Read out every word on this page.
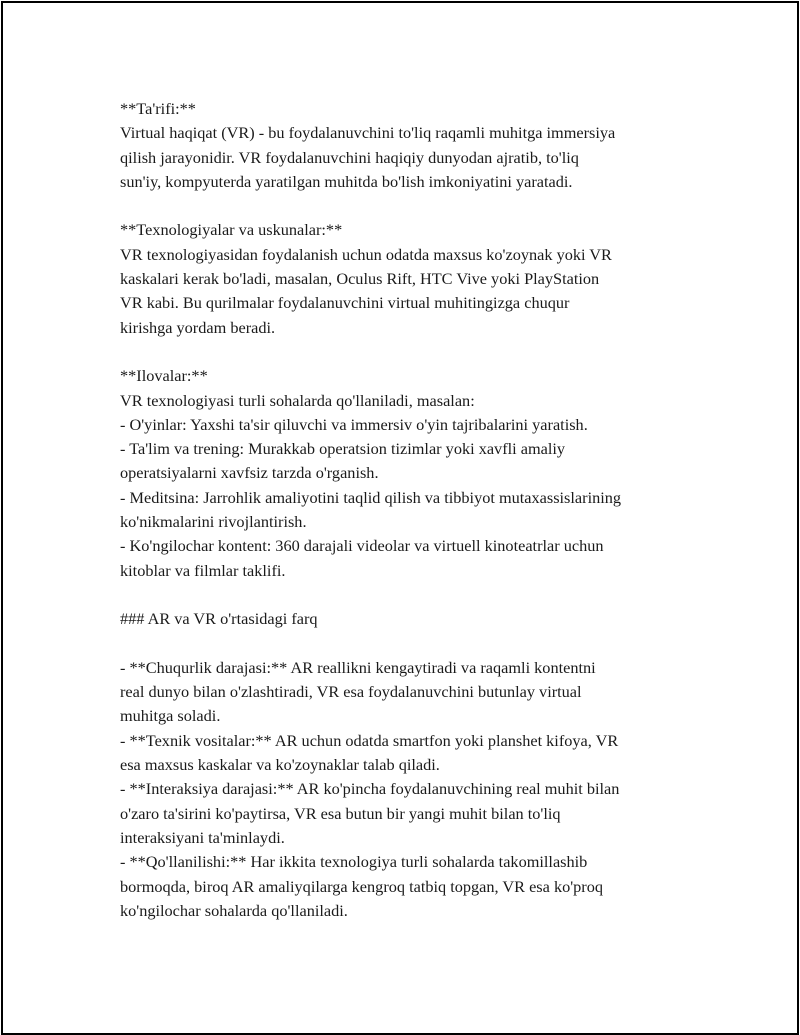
**Ta'rifi:**
Virtual haqiqat (VR) - bu foydalanuvchini to'liq raqamli muhitga immersiya
qilish jarayonidir. VR foydalanuvchini haqiqiy dunyodan ajratib, to'liq
sun'iy, kompyuterda yaratilgan muhitda bo'lish imkoniyatini yaratadi.
**Texnologiyalar va uskunalar:**
VR texnologiyasidan foydalanish uchun odatda maxsus ko'zoynak yoki VR
kaskalari kerak bo'ladi, masalan, Oculus Rift, HTC Vive yoki PlayStation
VR kabi. Bu qurilmalar foydalanuvchini virtual muhitingizga chuqur
kirishga yordam beradi.
**Ilovalar:**
VR texnologiyasi turli sohalarda qo'llaniladi, masalan:
- O'yinlar: Yaxshi ta'sir qiluvchi va immersiv o'yin tajribalarini yaratish.
- Ta'lim va trening: Murakkab operatsion tizimlar yoki xavfli amaliy
operatsiyalarni xavfsiz tarzda o'rganish.
- Meditsina: Jarrohlik amaliyotini taqlid qilish va tibbiyot mutaxassislarining
ko'nikmalarini rivojlantirish.
- Ko'ngilochar kontent: 360 darajali videolar va virtuell kinoteatrlar uchun
kitoblar va filmlar taklifi.
### AR va VR o'rtasidagi farq
- **Chuqurlik darajasi:** AR reallikni kengaytiradi va raqamli kontentni
real dunyo bilan o'zlashtiradi, VR esa foydalanuvchini butunlay virtual
muhitga soladi.
- **Texnik vositalar:** AR uchun odatda smartfon yoki planshet kifoya, VR
esa maxsus kaskalar va ko'zoynaklar talab qiladi.
- **Interaksiya darajasi:** AR ko'pincha foydalanuvchining real muhit bilan
o'zaro ta'sirini ko'paytirsa, VR esa butun bir yangi muhit bilan to'liq
interaksiyani ta'minlaydi.
- **Qo'llanilishi:** Har ikkita texnologiya turli sohalarda takomillashib
bormoqda, biroq AR amaliyqilarga kengroq tatbiq topgan, VR esa ko'proq
ko'ngilochar sohalarda qo'llaniladi.
